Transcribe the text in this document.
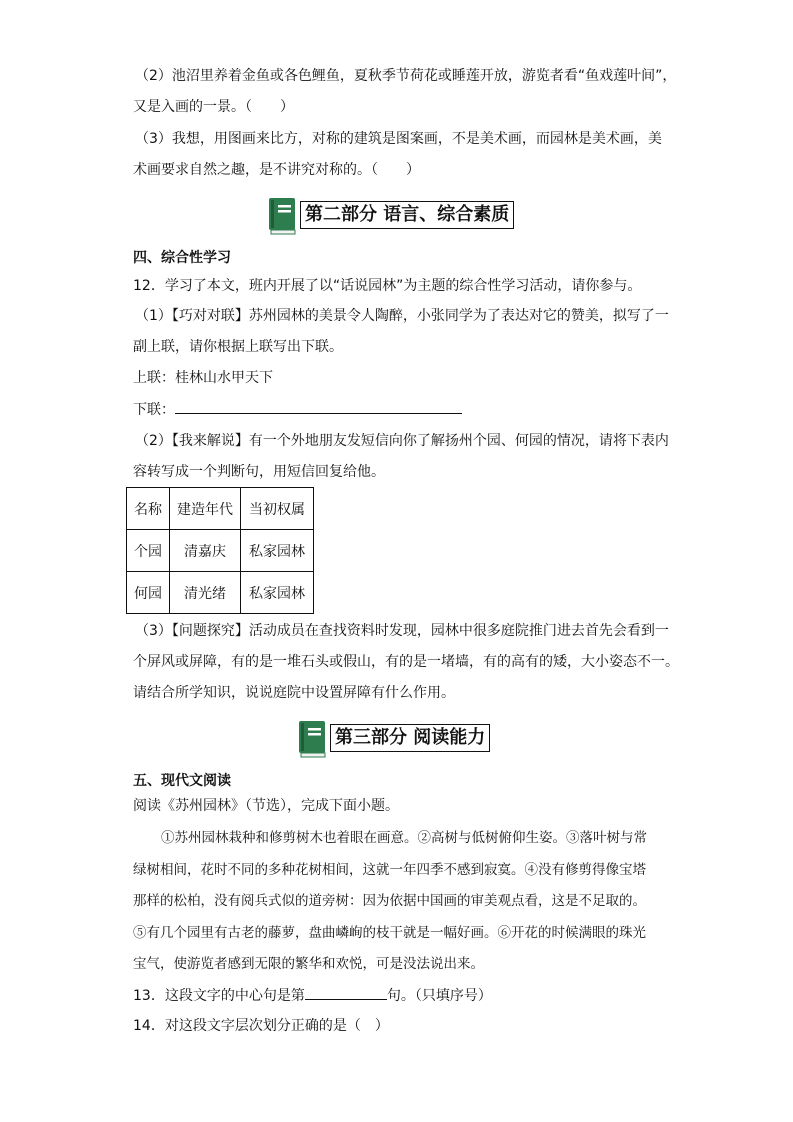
（2）池沼里养着金鱼或各色鲤鱼，夏秋季节荷花或睡莲开放，游览者看“鱼戏莲叶间”，
又是入画的一景。（　　）
（3）我想，用图画来比方，对称的建筑是图案画，不是美术画，而园林是美术画，美
术画要求自然之趣，是不讲究对称的。（　　）
第二部分 语言、综合素质
四、综合性学习
12．学习了本文，班内开展了以“话说园林”为主题的综合性学习活动，请你参与。
（1）【巧对对联】苏州园林的美景令人陶醉，小张同学为了表达对它的赞美，拟写了一
副上联，请你根据上联写出下联。
上联：桂林山水甲天下
下联：
（2）【我来解说】有一个外地朋友发短信向你了解扬州个园、何园的情况，请将下表内
容转写成一个判断句，用短信回复给他。
名称	建造年代	当初权属
个园	清嘉庆	私家园林
何园	清光绪	私家园林
（3）【问题探究】活动成员在查找资料时发现，园林中很多庭院推门进去首先会看到一
个屏风或屏障，有的是一堆石头或假山，有的是一堵墙，有的高有的矮，大小姿态不一。
请结合所学知识，说说庭院中设置屏障有什么作用。
第三部分 阅读能力
五、现代文阅读
阅读《苏州园林》（节选），完成下面小题。
①苏州园林栽种和修剪树木也着眼在画意。②高树与低树俯仰生姿。③落叶树与常
绿树相间，花时不同的多种花树相间，这就一年四季不感到寂寞。④没有修剪得像宝塔
那样的松柏，没有阅兵式似的道旁树：因为依据中国画的审美观点看，这是不足取的。
⑤有几个园里有古老的藤萝，盘曲嶙峋的枝干就是一幅好画。⑥开花的时候满眼的珠光
宝气，使游览者感到无限的繁华和欢悦，可是没法说出来。
13．这段文字的中心句是第	句。（只填序号）
14．对这段文字层次划分正确的是（　）
